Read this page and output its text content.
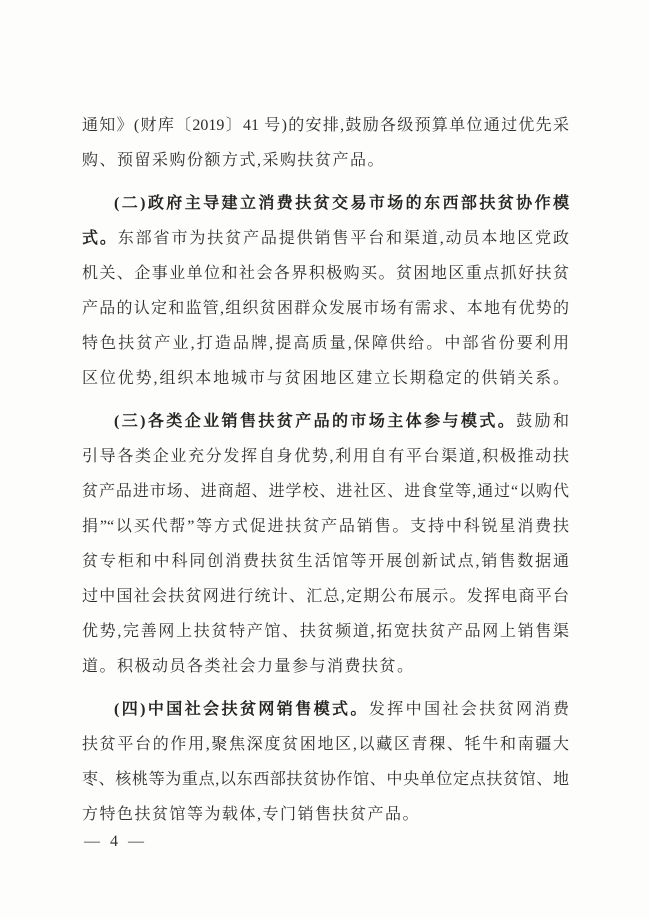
通知》(财库〔2019〕41 号)的安排,鼓励各级预算单位通过优先采
购、预留采购份额方式,采购扶贫产品。
(二)政府主导建立消费扶贫交易市场的东西部扶贫协作模
式。东部省市为扶贫产品提供销售平台和渠道,动员本地区党政
机关、企事业单位和社会各界积极购买。贫困地区重点抓好扶贫
产品的认定和监管,组织贫困群众发展市场有需求、本地有优势的
特色扶贫产业,打造品牌,提高质量,保障供给。中部省份要利用
区位优势,组织本地城市与贫困地区建立长期稳定的供销关系。
(三)各类企业销售扶贫产品的市场主体参与模式。鼓励和
引导各类企业充分发挥自身优势,利用自有平台渠道,积极推动扶
贫产品进市场、进商超、进学校、进社区、进食堂等,通过“以购代
捐”“以买代帮”等方式促进扶贫产品销售。支持中科锐星消费扶
贫专柜和中科同创消费扶贫生活馆等开展创新试点,销售数据通
过中国社会扶贫网进行统计、汇总,定期公布展示。发挥电商平台
优势,完善网上扶贫特产馆、扶贫频道,拓宽扶贫产品网上销售渠
道。积极动员各类社会力量参与消费扶贫。
(四)中国社会扶贫网销售模式。发挥中国社会扶贫网消费
扶贫平台的作用,聚焦深度贫困地区,以藏区青稞、牦牛和南疆大
枣、核桃等为重点,以东西部扶贫协作馆、中央单位定点扶贫馆、地
方特色扶贫馆等为载体,专门销售扶贫产品。
— 4 —
